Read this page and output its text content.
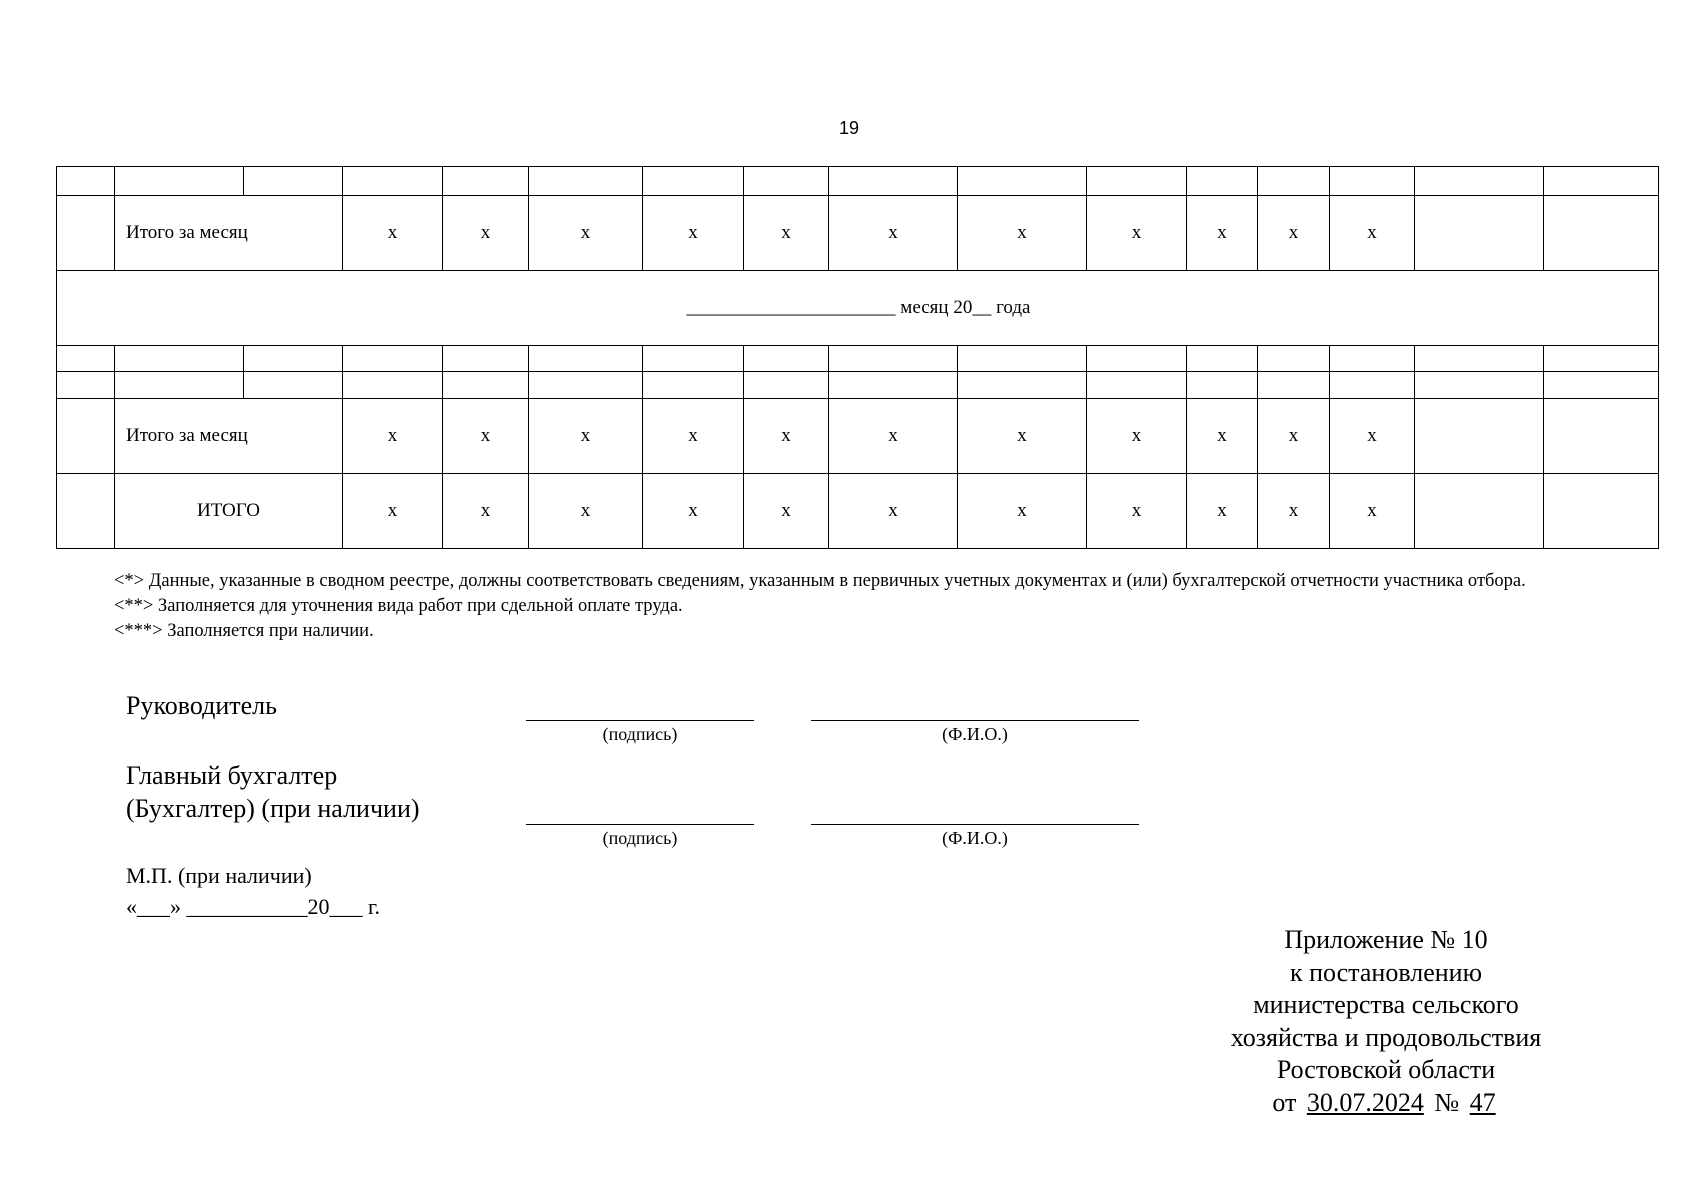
19

	Итого за месяц		х	х	х	х	х	х	х	х	х	х	х		
______________________ месяц 20__ года															

	Итого за месяц		х	х	х	х	х	х	х	х	х	х	х		
	ИТОГО		х	х	х	х	х	х	х	х	х	х	х		

<*> Данные, указанные в сводном реестре, должны соответствовать сведениям, указанным в первичных учетных документах и (или) бухгалтерской отчетности участника отбора.

<**> Заполняется для уточнения вида работ при сдельной оплате труда.

<***> Заполняется при наличии.

Руководитель
(подпись)	(Ф.И.О.)
Главный бухгалтер
(Бухгалтер) (при наличии)
(подпись)	(Ф.И.О.)
М.П. (при наличии)
«___» ___________20___ г.
Приложение № 10
к постановлению
министерства сельского
хозяйства и продовольствия
Ростовской области
от 30.07.2024 № 47
